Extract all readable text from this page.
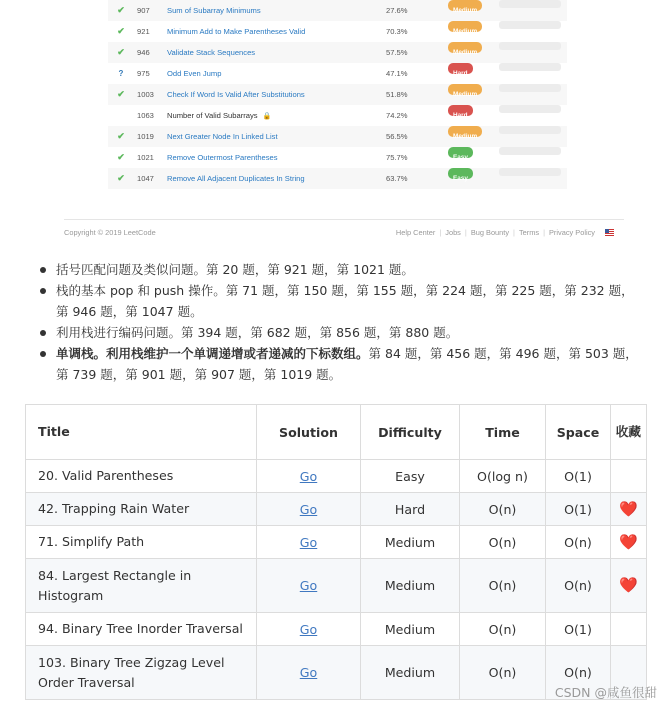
✔ 907 Sum of Subarray Minimums	27.6%	Medium
✔ 921 Minimum Add to Make Parentheses Valid	70.3%	Medium
✔ 946 Validate Stack Sequences	57.5%	Medium
? 975 Odd Even Jump	47.1%	Hard
✔ 1003 Check If Word Is Valid After Substitutions	51.8%	Medium
1063 Number of Valid Subarrays 🔒	74.2%	Hard
✔ 1019 Next Greater Node In Linked List	56.5%	Medium
✔ 1021 Remove Outermost Parentheses	75.7%	Easy
✔ 1047 Remove All Adjacent Duplicates In String	63.7%	Easy
Copyright © 2019 LeetCode	Help Center | Jobs | Bug Bounty | Terms | Privacy Policy
括号匹配问题及类似问题。第 20 题，第 921 题，第 1021 题。
栈的基本 pop 和 push 操作。第 71 题，第 150 题，第 155 题，第 224 题，第 225 题，第 232 题，第 946 题，第 1047 题。
利用栈进行编码问题。第 394 题，第 682 题，第 856 题，第 880 题。
单调栈。利用栈维护一个单调递增或者递减的下标数组。第 84 题，第 456 题，第 496 题，第 503 题，第 739 题，第 901 题，第 907 题，第 1019 题。
Title	Solution	Difficulty	Time	Space	收藏
20. Valid Parentheses	Go	Easy	O(log n)	O(1)	
42. Trapping Rain Water	Go	Hard	O(n)	O(1)	❤️
71. Simplify Path	Go	Medium	O(n)	O(n)	❤️
84. Largest Rectangle in Histogram	Go	Medium	O(n)	O(n)	❤️
94. Binary Tree Inorder Traversal	Go	Medium	O(n)	O(1)	
103. Binary Tree Zigzag Level Order Traversal	Go	Medium	O(n)	O(n)	
CSDN @咸鱼很甜
